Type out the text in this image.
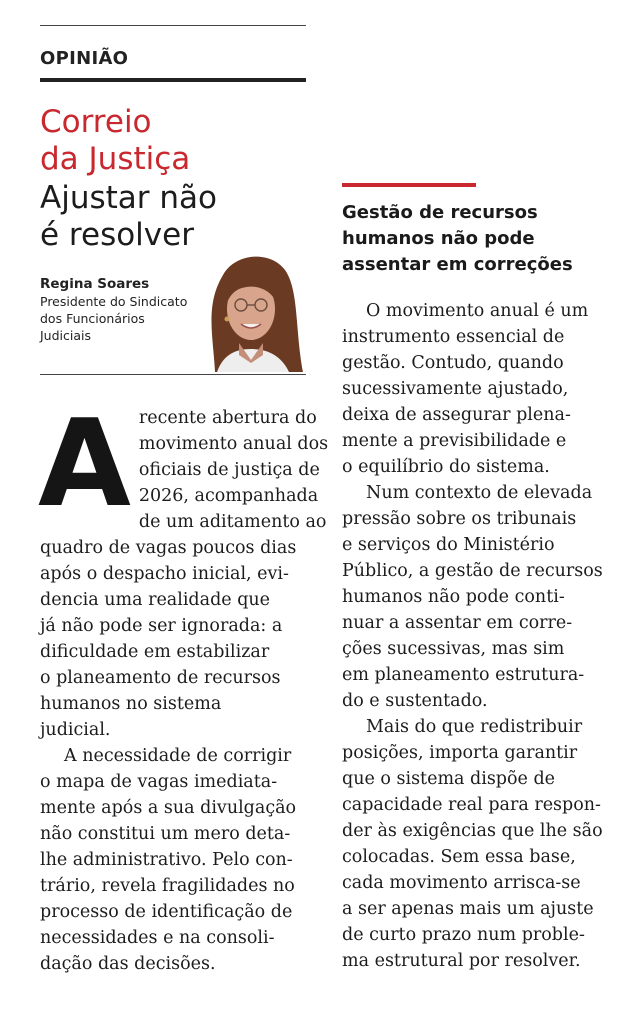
OPINIÃO
Correio
da Justiça
Ajustar não
é resolver
Regina Soares
Presidente do Sindicato
dos Funcionários
Judiciais

A recente abertura do
movimento anual dos
oficiais de justiça de
2026, acompanhada
de um aditamento ao
quadro de vagas poucos dias
após o despacho inicial, evi-
dencia uma realidade que
já não pode ser ignorada: a
dificuldade em estabilizar
o planeamento de recursos
humanos no sistema
judicial.

A necessidade de corrigir
o mapa de vagas imediata-
mente após a sua divulgação
não constitui um mero deta-
lhe administrativo. Pelo con-
trário, revela fragilidades no
processo de identificação de
necessidades e na consoli-
dação das decisões.

Gestão de recursos
humanos não pode
assentar em correções

O movimento anual é um
instrumento essencial de
gestão. Contudo, quando
sucessivamente ajustado,
deixa de assegurar plena-
mente a previsibilidade e
o equilíbrio do sistema.

Num contexto de elevada
pressão sobre os tribunais
e serviços do Ministério
Público, a gestão de recursos
humanos não pode conti-
nuar a assentar em corre-
ções sucessivas, mas sim
em planeamento estrutura-
do e sustentado.

Mais do que redistribuir
posições, importa garantir
que o sistema dispõe de
capacidade real para respon-
der às exigências que lhe são
colocadas. Sem essa base,
cada movimento arrisca-se
a ser apenas mais um ajuste
de curto prazo num proble-
ma estrutural por resolver.
